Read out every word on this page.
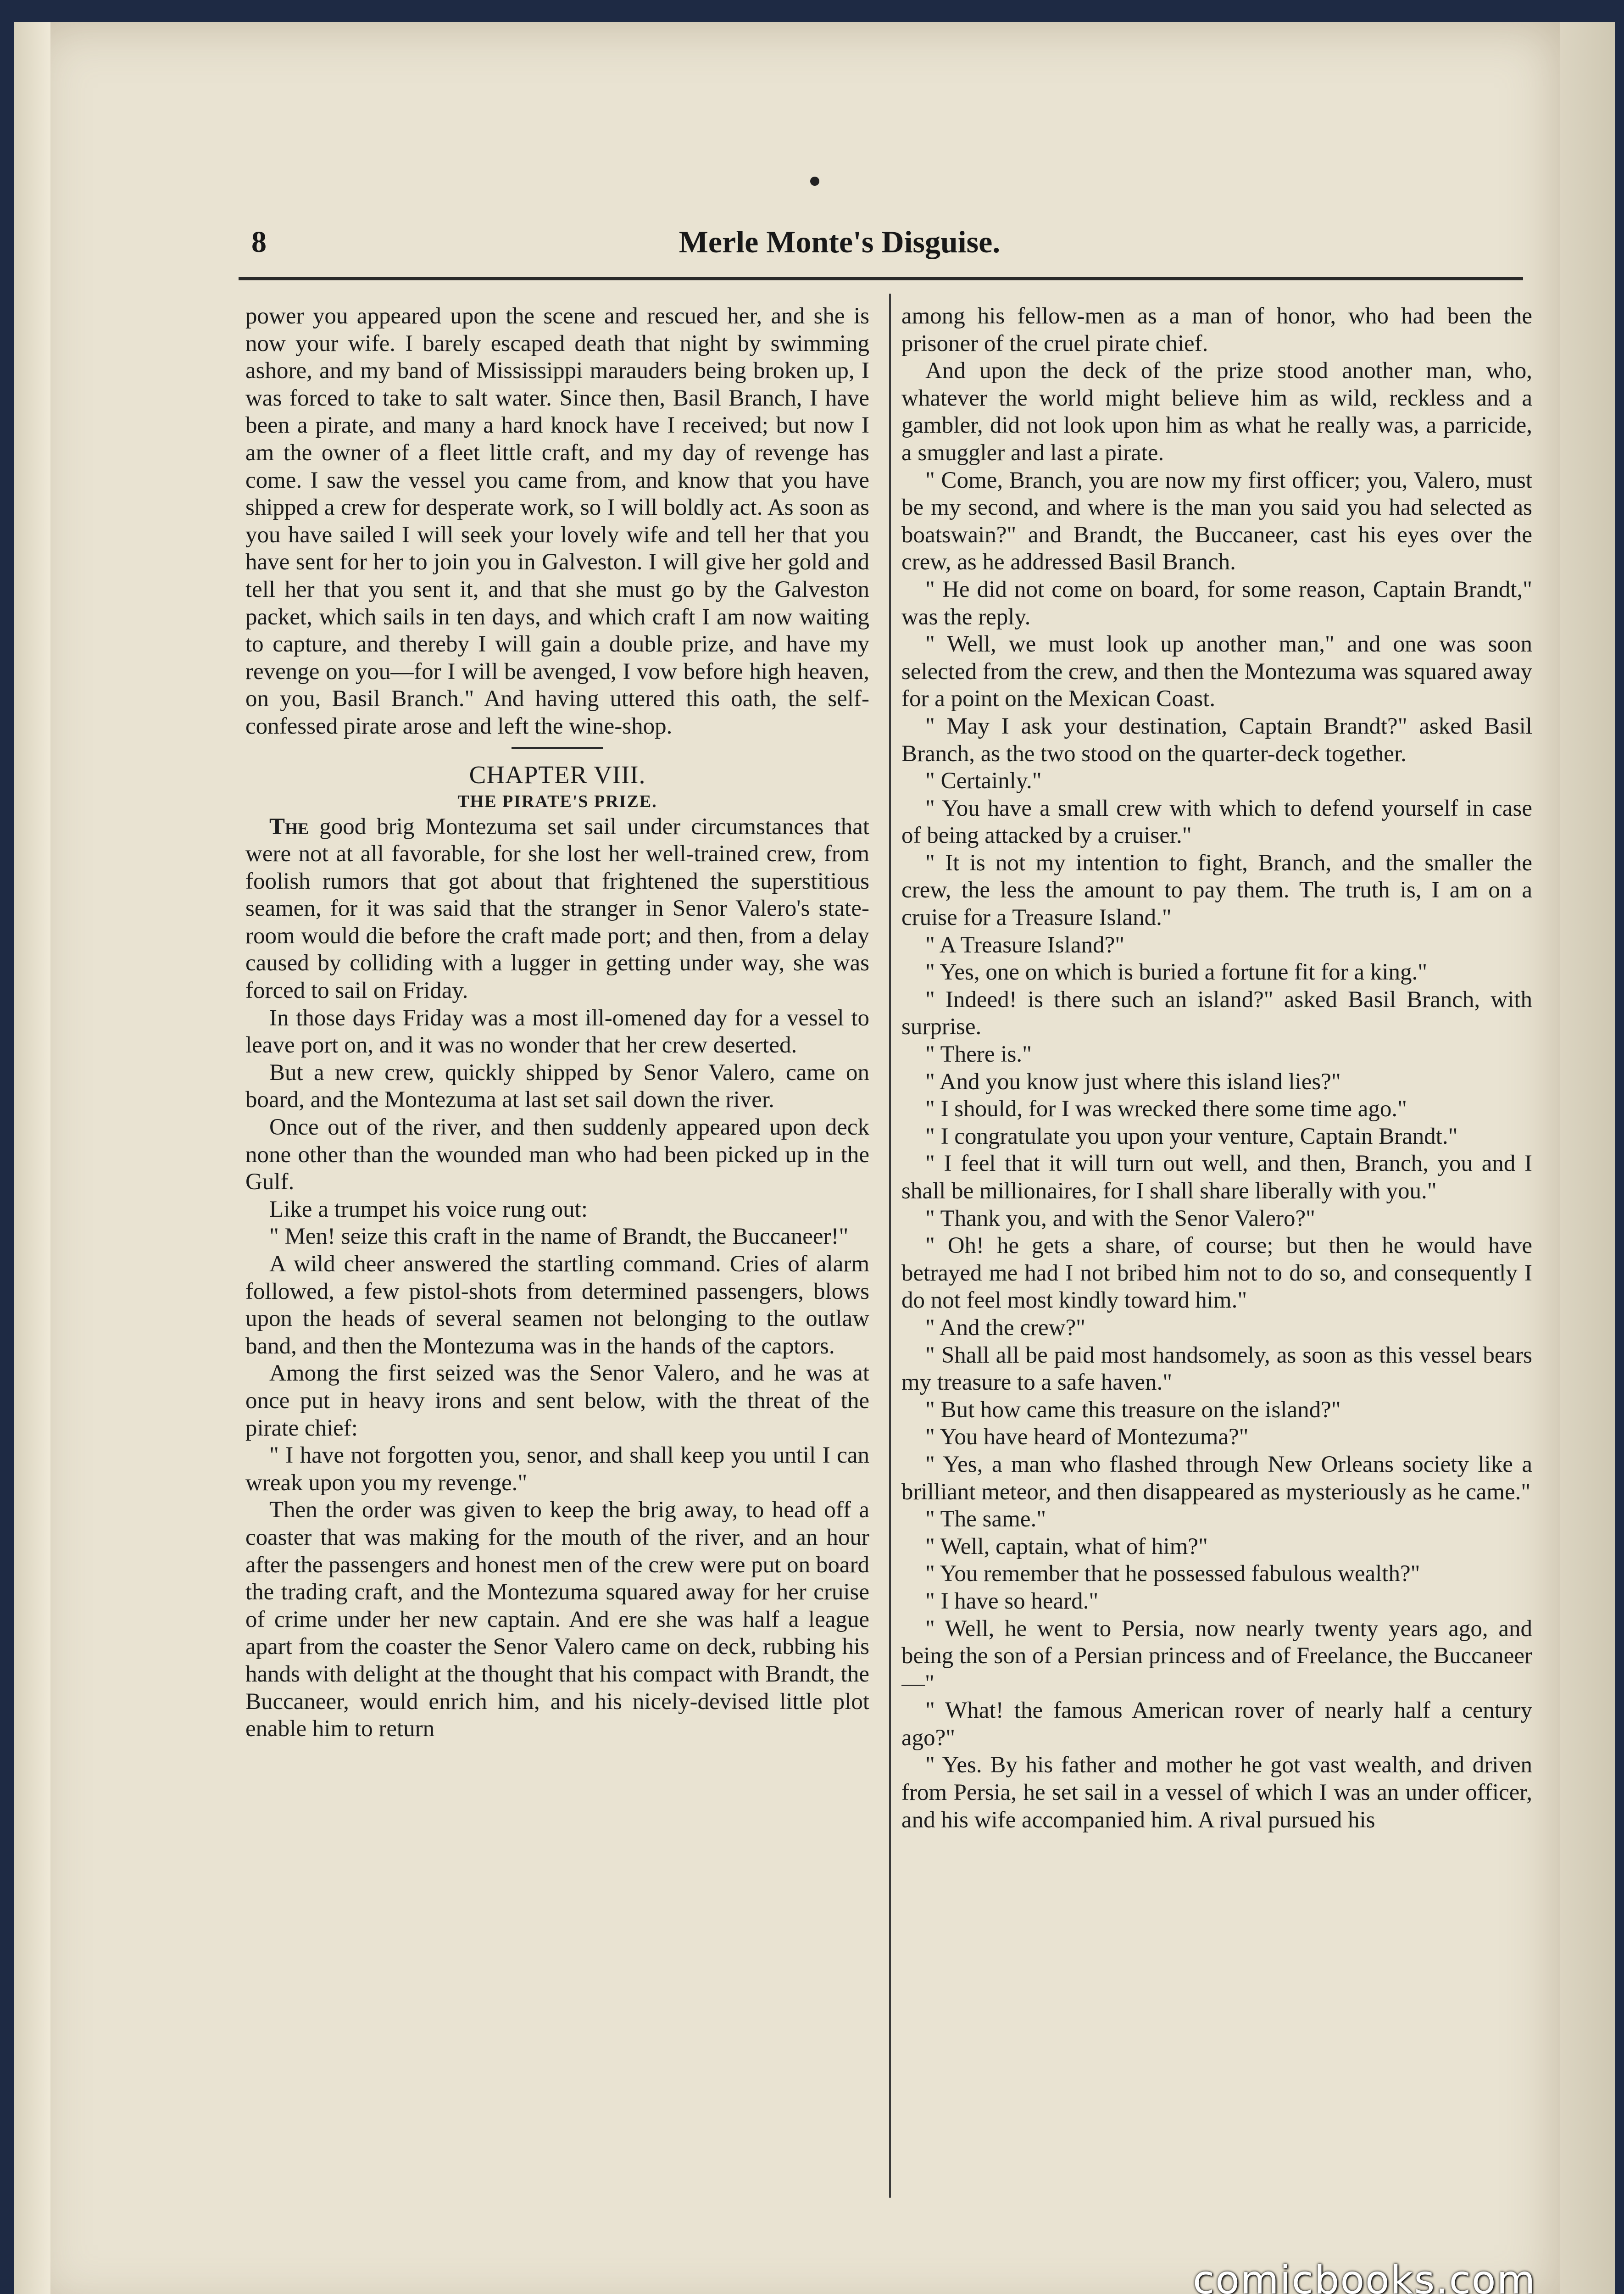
8	Merle Monte's Disguise.

power you appeared upon the scene and rescued her, and she is now your wife. I barely escaped death that night by swimming ashore, and my band of Mississippi marauders being broken up, I was forced to take to salt water. Since then, Basil Branch, I have been a pirate, and many a hard knock have I received; but now I am the owner of a fleet little craft, and my day of revenge has come. I saw the vessel you came from, and know that you have shipped a crew for desperate work, so I will boldly act. As soon as you have sailed I will seek your lovely wife and tell her that you have sent for her to join you in Galveston. I will give her gold and tell her that you sent it, and that she must go by the Galveston packet, which sails in ten days, and which craft I am now waiting to capture, and thereby I will gain a double prize, and have my revenge on you—for I will be avenged, I vow before high heaven, on you, Basil Branch." And having uttered this oath, the self-confessed pirate arose and left the wine-shop.

CHAPTER VIII.
THE PIRATE'S PRIZE.

The good brig Montezuma set sail under circumstances that were not at all favorable, for she lost her well-trained crew, from foolish rumors that got about that frightened the superstitious seamen, for it was said that the stranger in Senor Valero's state-room would die before the craft made port; and then, from a delay caused by colliding with a lugger in getting under way, she was forced to sail on Friday.

In those days Friday was a most ill-omened day for a vessel to leave port on, and it was no wonder that her crew deserted.

But a new crew, quickly shipped by Senor Valero, came on board, and the Montezuma at last set sail down the river.

Once out of the river, and then suddenly appeared upon deck none other than the wounded man who had been picked up in the Gulf.

Like a trumpet his voice rung out:

" Men! seize this craft in the name of Brandt, the Buccaneer!"

A wild cheer answered the startling command. Cries of alarm followed, a few pistol-shots from determined passengers, blows upon the heads of several seamen not belonging to the outlaw band, and then the Montezuma was in the hands of the captors.

Among the first seized was the Senor Valero, and he was at once put in heavy irons and sent below, with the threat of the pirate chief:

" I have not forgotten you, senor, and shall keep you until I can wreak upon you my revenge."

Then the order was given to keep the brig away, to head off a coaster that was making for the mouth of the river, and an hour after the passengers and honest men of the crew were put on board the trading craft, and the Montezuma squared away for her cruise of crime under her new captain. And ere she was half a league apart from the coaster the Senor Valero came on deck, rubbing his hands with delight at the thought that his compact with Brandt, the Buccaneer, would enrich him, and his nicely-devised little plot enable him to return

among his fellow-men as a man of honor, who had been the prisoner of the cruel pirate chief.

And upon the deck of the prize stood another man, who, whatever the world might believe him as wild, reckless and a gambler, did not look upon him as what he really was, a parricide, a smuggler and last a pirate.

" Come, Branch, you are now my first officer; you, Valero, must be my second, and where is the man you said you had selected as boatswain?" and Brandt, the Buccaneer, cast his eyes over the crew, as he addressed Basil Branch.

" He did not come on board, for some reason, Captain Brandt," was the reply.

" Well, we must look up another man," and one was soon selected from the crew, and then the Montezuma was squared away for a point on the Mexican Coast.

" May I ask your destination, Captain Brandt?" asked Basil Branch, as the two stood on the quarter-deck together.

" Certainly."

" You have a small crew with which to defend yourself in case of being attacked by a cruiser."

" It is not my intention to fight, Branch, and the smaller the crew, the less the amount to pay them. The truth is, I am on a cruise for a Treasure Island."

" A Treasure Island?"

" Yes, one on which is buried a fortune fit for a king."

" Indeed! is there such an island?" asked Basil Branch, with surprise.

" There is."

" And you know just where this island lies?"

" I should, for I was wrecked there some time ago."

" I congratulate you upon your venture, Captain Brandt."

" I feel that it will turn out well, and then, Branch, you and I shall be millionaires, for I shall share liberally with you."

" Thank you, and with the Senor Valero?"

" Oh! he gets a share, of course; but then he would have betrayed me had I not bribed him not to do so, and consequently I do not feel most kindly toward him."

" And the crew?"

" Shall all be paid most handsomely, as soon as this vessel bears my treasure to a safe haven."

" But how came this treasure on the island?"

" You have heard of Montezuma?"

" Yes, a man who flashed through New Orleans society like a brilliant meteor, and then disappeared as mysteriously as he came."

" The same."

" Well, captain, what of him?"

" You remember that he possessed fabulous wealth?"

" I have so heard."

" Well, he went to Persia, now nearly twenty years ago, and being the son of a Persian princess and of Freelance, the Buccaneer —"

" What! the famous American rover of nearly half a century ago?"

" Yes. By his father and mother he got vast wealth, and driven from Persia, he set sail in a vessel of which I was an under officer, and his wife accompanied him. A rival pursued his

comicbooks.com
